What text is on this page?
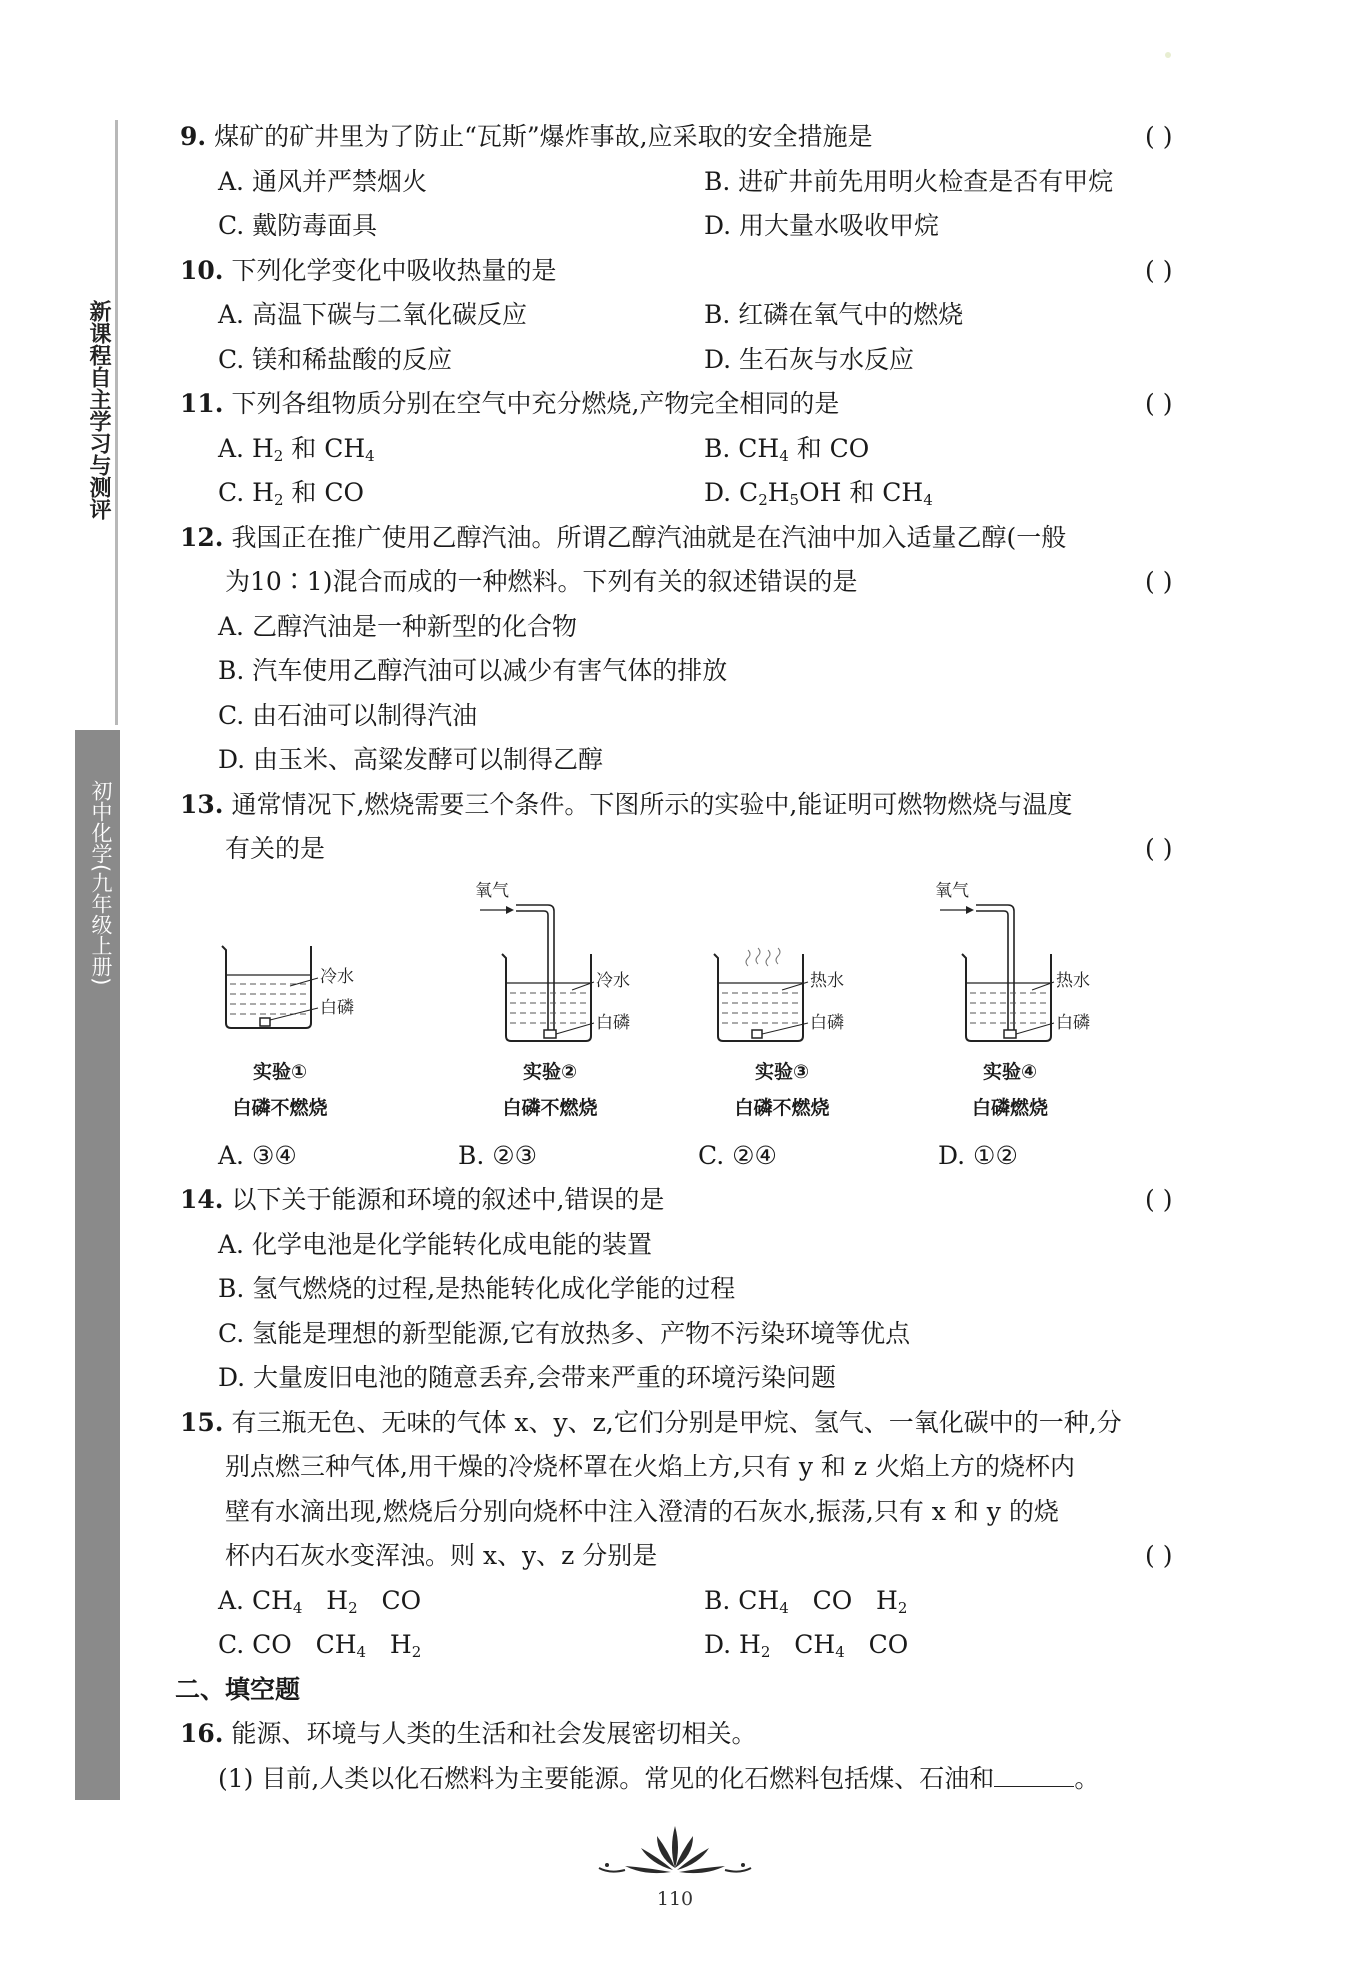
新课程自主学习与测评
初中化学(九年级上册)
9. 煤矿的矿井里为了防止“瓦斯”爆炸事故,应采取的安全措施是	( )
A. 通风并严禁烟火	B. 进矿井前先用明火检查是否有甲烷
C. 戴防毒面具	D. 用大量水吸收甲烷
10. 下列化学变化中吸收热量的是	( )
A. 高温下碳与二氧化碳反应	B. 红磷在氧气中的燃烧
C. 镁和稀盐酸的反应	D. 生石灰与水反应
11. 下列各组物质分别在空气中充分燃烧,产物完全相同的是	( )
A. $H_2$ 和 $CH_4$	B. $CH_4$ 和 CO
C. $H_2$ 和 CO	D. $C_2H_5OH$ 和 $CH_4$
12. 我国正在推广使用乙醇汽油。所谓乙醇汽油就是在汽油中加入适量乙醇(一般
为10∶1)混合而成的一种燃料。下列有关的叙述错误的是	( )
A. 乙醇汽油是一种新型的化合物
B. 汽车使用乙醇汽油可以减少有害气体的排放
C. 由石油可以制得汽油
D. 由玉米、高粱发酵可以制得乙醇
13. 通常情况下,燃烧需要三个条件。下图所示的实验中,能证明可燃物燃烧与温度
有关的是	( )
冷水
白磷
实验①
白磷不燃烧
氧气
冷水
白磷
实验②
白磷不燃烧
热水
白磷
实验③
白磷不燃烧
氧气
热水
白磷
实验④
白磷燃烧
A. ③④	B. ②③	C. ②④	D. ①②
14. 以下关于能源和环境的叙述中,错误的是	( )
A. 化学电池是化学能转化成电能的装置
B. 氢气燃烧的过程,是热能转化成化学能的过程
C. 氢能是理想的新型能源,它有放热多、产物不污染环境等优点
D. 大量废旧电池的随意丢弃,会带来严重的环境污染问题
15. 有三瓶无色、无味的气体 x、y、z,它们分别是甲烷、氢气、一氧化碳中的一种,分
别点燃三种气体,用干燥的冷烧杯罩在火焰上方,只有 y 和 z 火焰上方的烧杯内
壁有水滴出现,燃烧后分别向烧杯中注入澄清的石灰水,振荡,只有 x 和 y 的烧
杯内石灰水变浑浊。则 x、y、z 分别是	( )
A. $CH_4$   $H_2$   CO	B. $CH_4$   CO   $H_2$
C. CO   $CH_4$   $H_2$	D. $H_2$   $CH_4$   CO
二、填空题
16. 能源、环境与人类的生活和社会发展密切相关。
(1) 目前,人类以化石燃料为主要能源。常见的化石燃料包括煤、石油和	。
110
